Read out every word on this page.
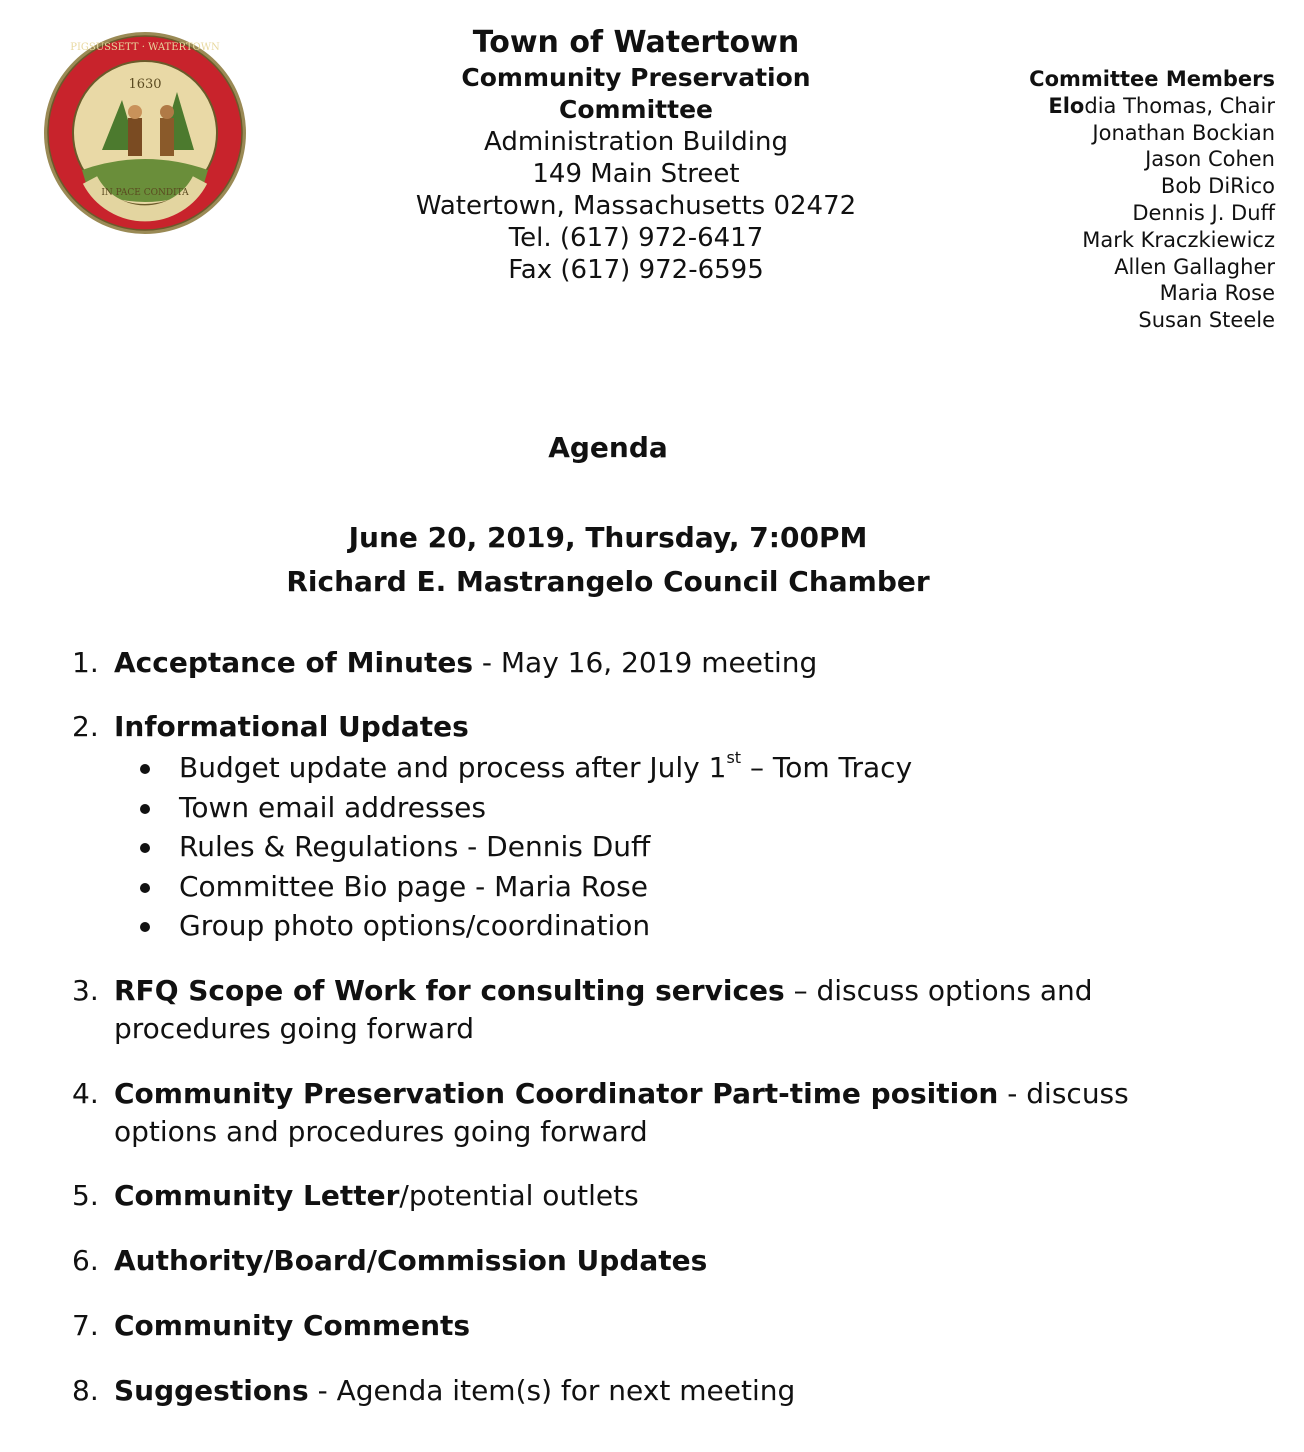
1630
IN PACE CONDITA
PIGSUSSETT · WATERTOWN	Town of Watertown
Community Preservation Committee
Administration Building
149 Main Street
Watertown, Massachusetts 02472
Tel. (617) 972-6417
Fax (617) 972-6595
Committee Members
Elodia Thomas, Chair
Jonathan Bockian
Jason Cohen
Bob DiRico
Dennis J. Duff
Mark Kraczkiewicz
Allen Gallagher
Maria Rose
Susan Steele
Agenda
June 20, 2019, Thursday, 7:00PM
Richard E. Mastrangelo Council Chamber
1. Acceptance of Minutes - May 16, 2019 meeting
2. Informational Updates
Budget update and process after July 1st – Tom Tracy
Town email addresses
Rules & Regulations - Dennis Duff
Committee Bio page - Maria Rose
Group photo options/coordination
3. RFQ Scope of Work for consulting services – discuss options and
procedures going forward
4. Community Preservation Coordinator Part-time position - discuss
options and procedures going forward
5. Community Letter/potential outlets
6. Authority/Board/Commission Updates
7. Community Comments
8. Suggestions - Agenda item(s) for next meeting
